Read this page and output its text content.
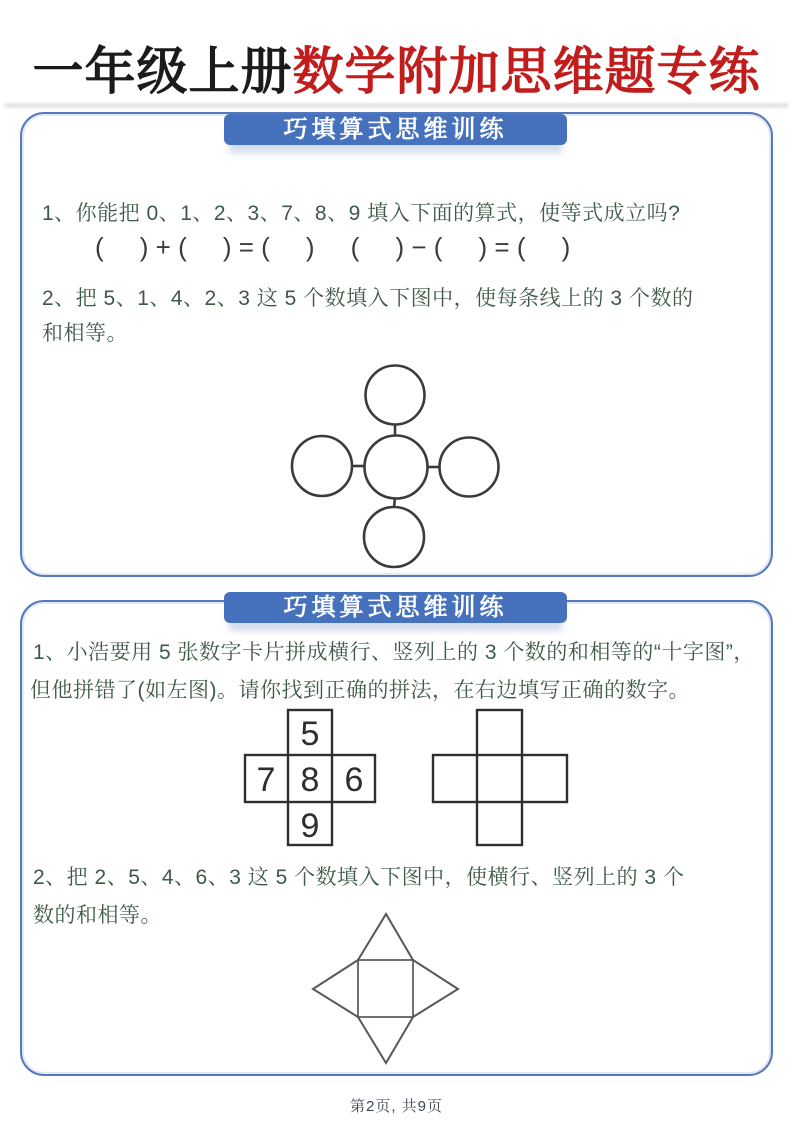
一年级上册数学附加思维题专练
巧填算式思维训练
1、你能把 0、1、2、3、7、8、9 填入下面的算式，使等式成立吗?
(     ) + (     ) = (     )     (     ) − (     ) = (     )
2、把 5、1、4、2、3 这 5 个数填入下图中，使每条线上的 3 个数的
和相等。
巧填算式思维训练
1、小浩要用 5 张数字卡片拼成横行、竖列上的 3 个数的和相等的“十字图”，
但他拼错了(如左图)。请你找到正确的拼法，在右边填写正确的数字。
5
7 8 6
9
2、把 2、5、4、6、3 这 5 个数填入下图中，使横行、竖列上的 3 个
数的和相等。
第2页, 共9页
